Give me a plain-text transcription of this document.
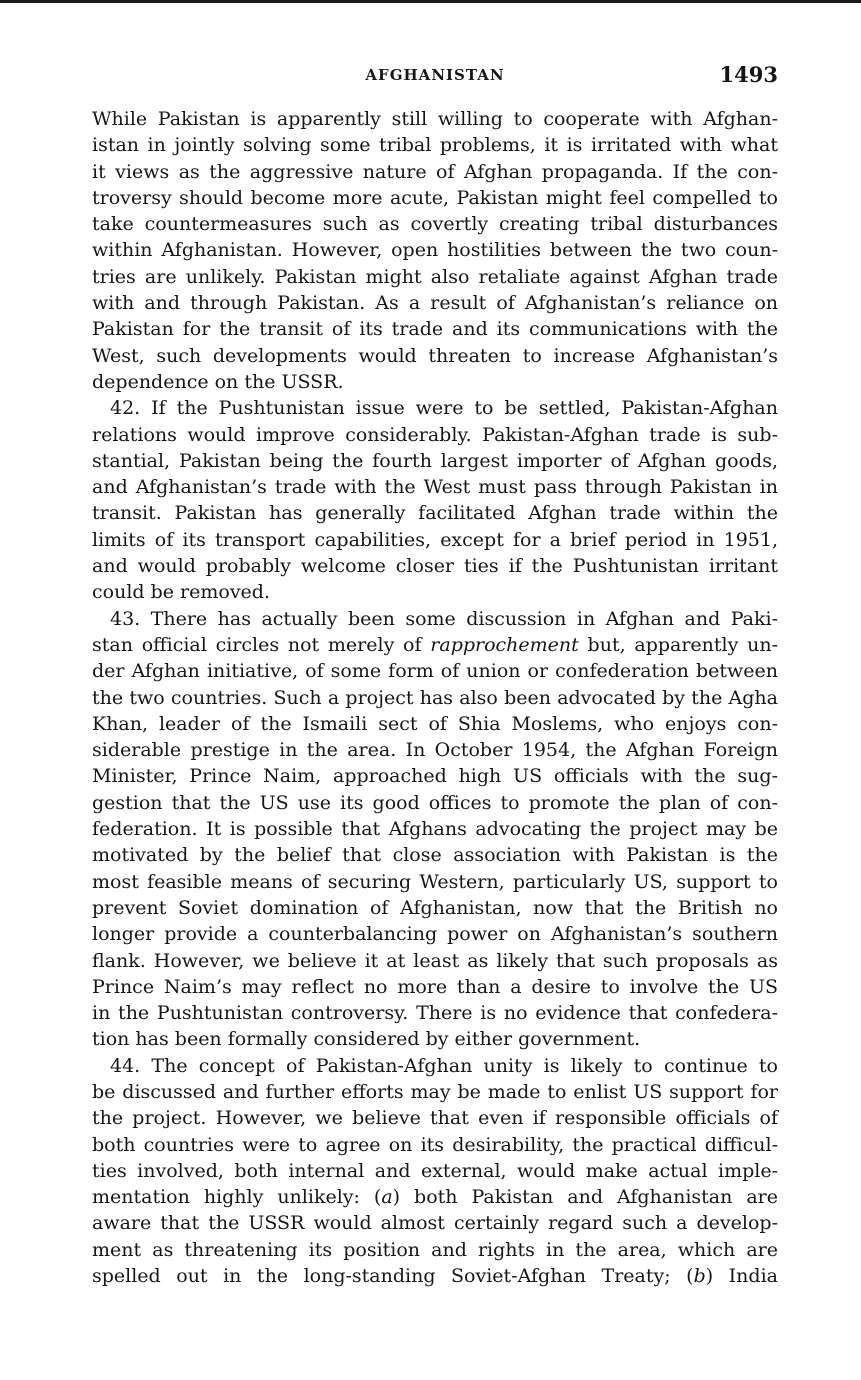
AFGHANISTAN	1493
While Pakistan is apparently still willing to cooperate with Afghan-
istan in jointly solving some tribal problems, it is irritated with what
it views as the aggressive nature of Afghan propaganda. If the con-
troversy should become more acute, Pakistan might feel compelled to
take countermeasures such as covertly creating tribal disturbances
within Afghanistan. However, open hostilities between the two coun-
tries are unlikely. Pakistan might also retaliate against Afghan trade
with and through Pakistan. As a result of Afghanistan’s reliance on
Pakistan for the transit of its trade and its communications with the
West, such developments would threaten to increase Afghanistan’s
dependence on the USSR.
42. If the Pushtunistan issue were to be settled, Pakistan-Afghan
relations would improve considerably. Pakistan-Afghan trade is sub-
stantial, Pakistan being the fourth largest importer of Afghan goods,
and Afghanistan’s trade with the West must pass through Pakistan in
transit. Pakistan has generally facilitated Afghan trade within the
limits of its transport capabilities, except for a brief period in 1951,
and would probably welcome closer ties if the Pushtunistan irritant
could be removed.
43. There has actually been some discussion in Afghan and Paki-
stan official circles not merely of rapprochement but, apparently un-
der Afghan initiative, of some form of union or confederation between
the two countries. Such a project has also been advocated by the Agha
Khan, leader of the Ismaili sect of Shia Moslems, who enjoys con-
siderable prestige in the area. In October 1954, the Afghan Foreign
Minister, Prince Naim, approached high US officials with the sug-
gestion that the US use its good offices to promote the plan of con-
federation. It is possible that Afghans advocating the project may be
motivated by the belief that close association with Pakistan is the
most feasible means of securing Western, particularly US, support to
prevent Soviet domination of Afghanistan, now that the British no
longer provide a counterbalancing power on Afghanistan’s southern
flank. However, we believe it at least as likely that such proposals as
Prince Naim’s may reflect no more than a desire to involve the US
in the Pushtunistan controversy. There is no evidence that confedera-
tion has been formally considered by either government.
44. The concept of Pakistan-Afghan unity is likely to continue to
be discussed and further efforts may be made to enlist US support for
the project. However, we believe that even if responsible officials of
both countries were to agree on its desirability, the practical difficul-
ties involved, both internal and external, would make actual imple-
mentation highly unlikely: (a) both Pakistan and Afghanistan are
aware that the USSR would almost certainly regard such a develop-
ment as threatening its position and rights in the area, which are
spelled out in the long-standing Soviet-Afghan Treaty; (b) India
